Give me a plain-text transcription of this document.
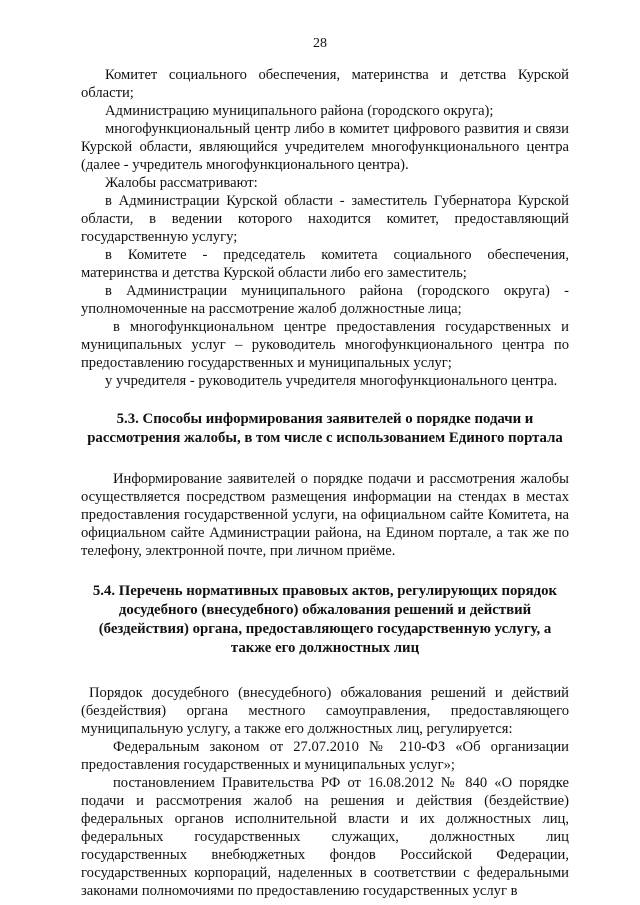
28

Комитет социального обеспечения, материнства и детства Курской области;

Администрацию муниципального района (городского округа);

многофункциональный центр либо в комитет цифрового развития и связи Курской области, являющийся учредителем многофункционального центра (далее - учредитель многофункционального центра).

Жалобы рассматривают:

в Администрации Курской области - заместитель Губернатора Курской области, в ведении которого находится комитет, предоставляющий государственную услугу;

в Комитете - председатель комитета социального обеспечения, материнства и детства Курской области либо его заместитель;

в Администрации муниципального района (городского округа) - уполномоченные на рассмотрение жалоб должностные лица;

в многофункциональном центре предоставления государственных и муниципальных услуг – руководитель многофункционального центра по предоставлению государственных и муниципальных услуг;

у учредителя - руководитель учредителя многофункционального центра.

5.3. Способы информирования заявителей о порядке подачи и рассмотрения жалобы, в том числе с использованием Единого портала

Информирование заявителей о порядке подачи и рассмотрения жалобы осуществляется посредством размещения информации на стендах в местах предоставления государственной услуги, на официальном сайте Комитета, на официальном сайте Администрации района, на Едином портале, а так же по телефону, электронной почте, при личном приёме.

5.4. Перечень нормативных правовых актов, регулирующих порядок досудебного (внесудебного) обжалования решений и действий (бездействия) органа, предоставляющего государственную услугу, а также его должностных лиц

Порядок досудебного (внесудебного) обжалования решений и действий (бездействия) органа местного самоуправления, предоставляющего муниципальную услугу, а также его должностных лиц, регулируется:

Федеральным законом от 27.07.2010 № 210-ФЗ «Об организации предоставления государственных и муниципальных услуг»;

постановлением Правительства РФ от 16.08.2012 № 840 «О порядке подачи и рассмотрения жалоб на решения и действия (бездействие) федеральных органов исполнительной власти и их должностных лиц, федеральных государственных служащих, должностных лиц государственных внебюджетных фондов Российской Федерации, государственных корпораций, наделенных в соответствии с федеральными законами полномочиями по предоставлению государственных услуг в
